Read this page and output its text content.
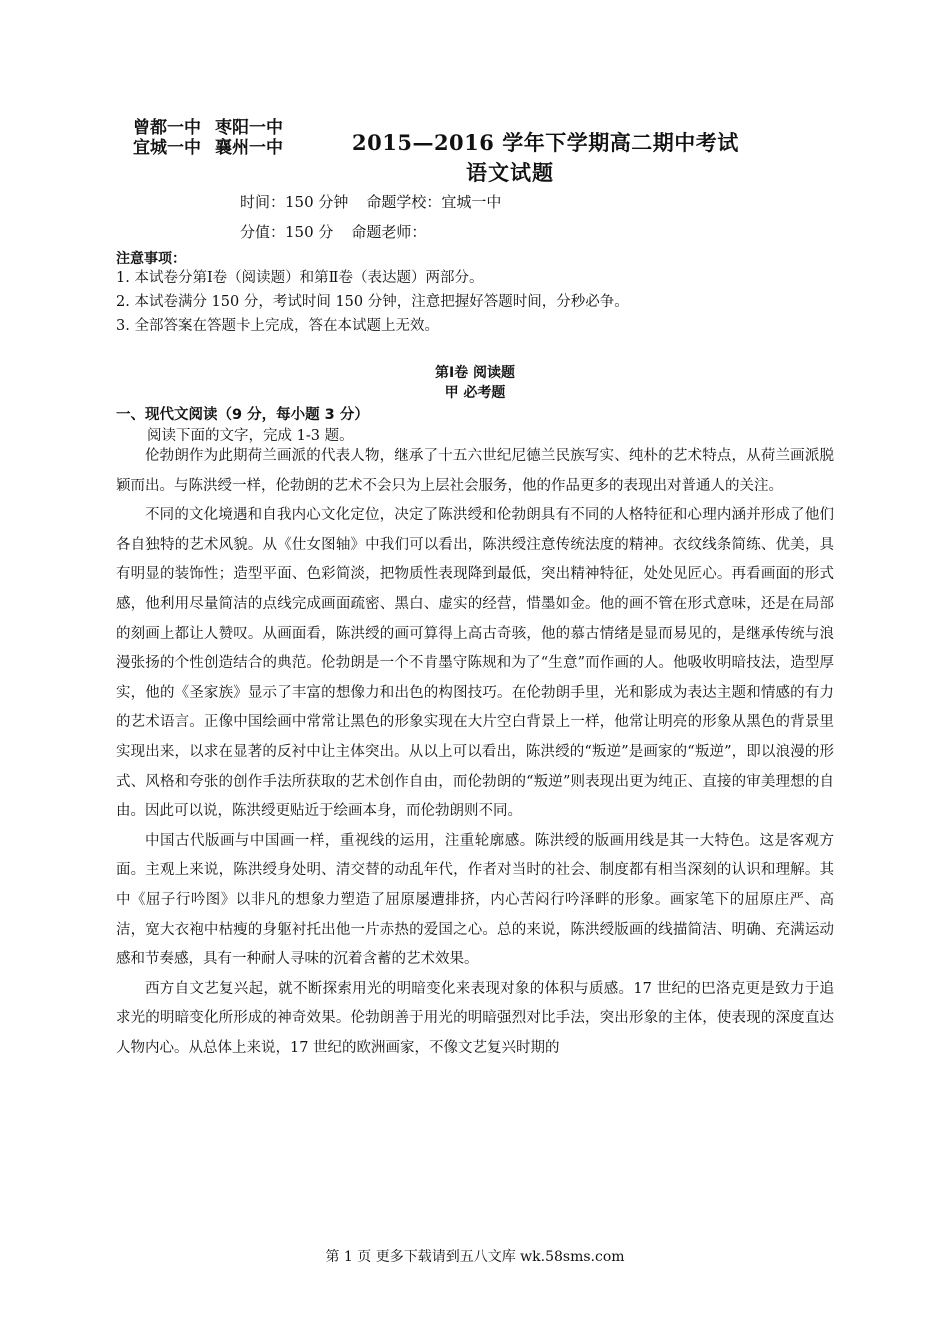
曾都一中 枣阳一中
宜城一中 襄州一中	2015—2016 学年下学期高二期中考试
语文试题
时间：150 分钟 命题学校：宜城一中
分值：150 分 命题老师：
注意事项：
1. 本试卷分第Ⅰ卷（阅读题）和第Ⅱ卷（表达题）两部分。
2. 本试卷满分 150 分，考试时间 150 分钟，注意把握好答题时间，分秒必争。
3. 全部答案在答题卡上完成，答在本试题上无效。
第Ⅰ卷 阅读题
甲 必考题
一、现代文阅读（9 分，每小题 3 分）
阅读下面的文字，完成 1-3 题。

伦勃朗作为此期荷兰画派的代表人物，继承了十五六世纪尼德兰民族写实、纯朴的艺术特点，从荷兰画派脱颖而出。与陈洪绶一样，伦勃朗的艺术不会只为上层社会服务，他的作品更多的表现出对普通人的关注。

不同的文化境遇和自我内心文化定位，决定了陈洪绶和伦勃朗具有不同的人格特征和心理内涵并形成了他们各自独特的艺术风貌。从《仕女图轴》中我们可以看出，陈洪绶注意传统法度的精神。衣纹线条简练、优美，具有明显的装饰性；造型平面、色彩简淡，把物质性表现降到最低，突出精神特征，处处见匠心。再看画面的形式感，他利用尽量简洁的点线完成画面疏密、黑白、虚实的经营，惜墨如金。他的画不管在形式意味，还是在局部的刻画上都让人赞叹。从画面看，陈洪绶的画可算得上高古奇骇，他的慕古情绪是显而易见的，是继承传统与浪漫张扬的个性创造结合的典范。伦勃朗是一个不肯墨守陈规和为了“生意”而作画的人。他吸收明暗技法，造型厚实，他的《圣家族》显示了丰富的想像力和出色的构图技巧。在伦勃朗手里，光和影成为表达主题和情感的有力的艺术语言。正像中国绘画中常常让黑色的形象实现在大片空白背景上一样，他常让明亮的形象从黑色的背景里实现出来，以求在显著的反衬中让主体突出。从以上可以看出，陈洪绶的“叛逆”是画家的“叛逆”，即以浪漫的形式、风格和夸张的创作手法所获取的艺术创作自由，而伦勃朗的“叛逆”则表现出更为纯正、直接的审美理想的自由。因此可以说，陈洪绶更贴近于绘画本身，而伦勃朗则不同。

中国古代版画与中国画一样，重视线的运用，注重轮廓感。陈洪绶的版画用线是其一大特色。这是客观方面。主观上来说，陈洪绶身处明、清交替的动乱年代，作者对当时的社会、制度都有相当深刻的认识和理解。其中《屈子行吟图》以非凡的想象力塑造了屈原屡遭排挤，内心苦闷行吟泽畔的形象。画家笔下的屈原庄严、高洁，宽大衣袍中枯瘦的身躯衬托出他一片赤热的爱国之心。总的来说，陈洪绶版画的线描简洁、明确、充满运动感和节奏感，具有一种耐人寻味的沉着含蓄的艺术效果。

西方自文艺复兴起，就不断探索用光的明暗变化来表现对象的体积与质感。17 世纪的巴洛克更是致力于追求光的明暗变化所形成的神奇效果。伦勃朗善于用光的明暗强烈对比手法，突出形象的主体，使表现的深度直达人物内心。从总体上来说，17 世纪的欧洲画家，不像文艺复兴时期的

第 1 页 更多下载请到五八文库 wk.58sms.com
